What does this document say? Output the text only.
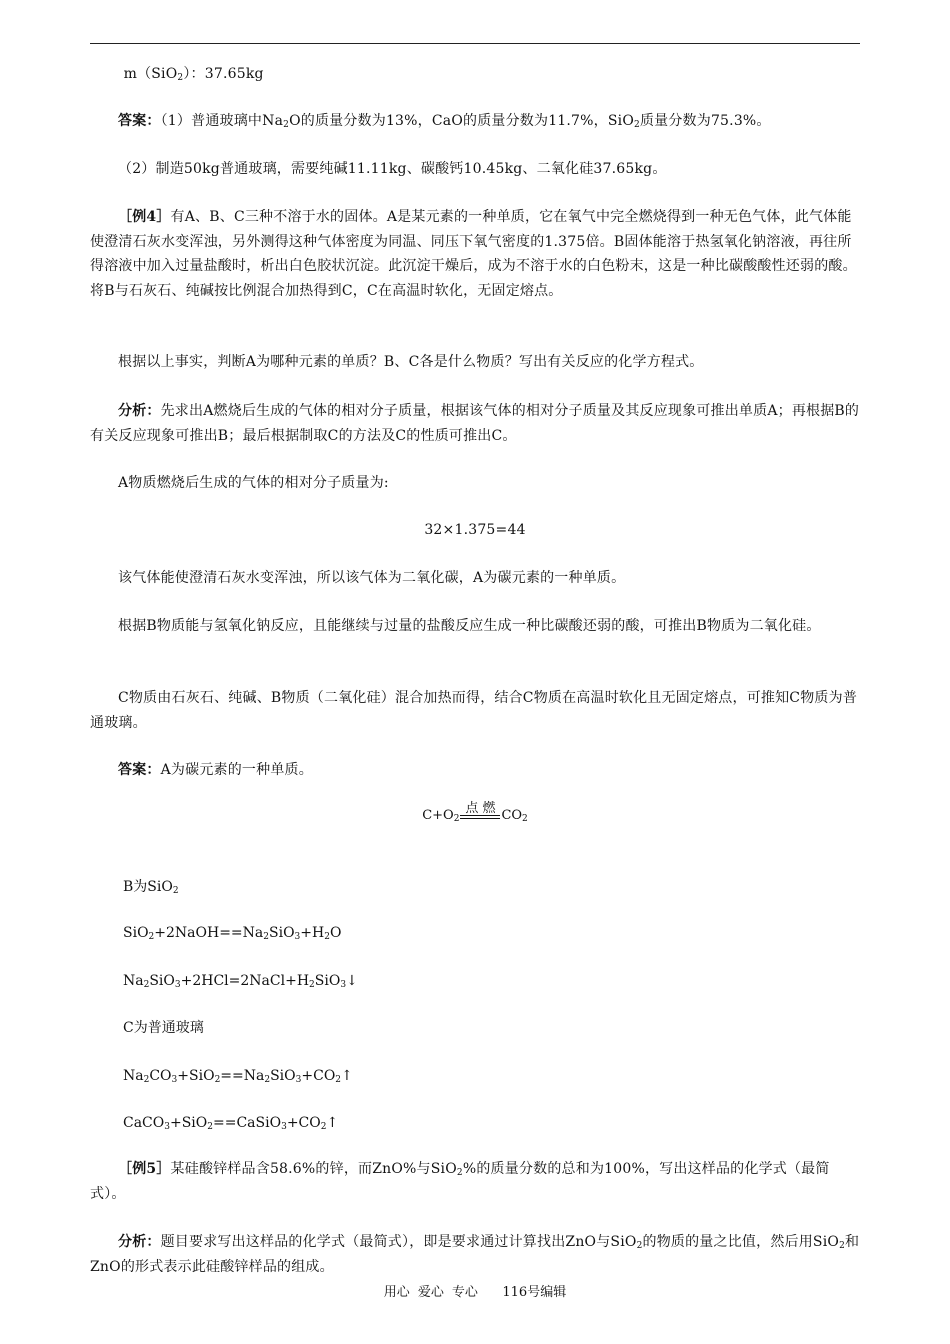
m（SiO$_2$）：37.65kg

答案：（1）普通玻璃中$Na_2O$的质量分数为13%，CaO的质量分数为11.7%，SiO$_2$质量分数为75.3%。

（2）制造50kg普通玻璃，需要纯碱11.11kg、碳酸钙10.45kg、二氧化硅37.65kg。

［例4］有A、B、C三种不溶于水的固体。A是某元素的一种单质，它在氧气中完全燃烧得到一种无色气体，此气体能使澄清石灰水变浑浊，另外测得这种气体密度为同温、同压下氧气密度的1.375倍。B固体能溶于热氢氧化钠溶液，再往所得溶液中加入过量盐酸时，析出白色胶状沉淀。此沉淀干燥后，成为不溶于水的白色粉末，这是一种比碳酸酸性还弱的酸。将B与石灰石、纯碱按比例混合加热得到C，C在高温时软化，无固定熔点。

根据以上事实，判断A为哪种元素的单质？B、C各是什么物质？写出有关反应的化学方程式。

分析：先求出A燃烧后生成的气体的相对分子质量，根据该气体的相对分子质量及其反应现象可推出单质A；再根据B的有关反应现象可推出B；最后根据制取C的方法及C的性质可推出C。

A物质燃烧后生成的气体的相对分子质量为:

32×1.375=44

该气体能使澄清石灰水变浑浊，所以该气体为二氧化碳，A为碳元素的一种单质。

根据B物质能与氢氧化钠反应，且能继续与过量的盐酸反应生成一种比碳酸还弱的酸，可推出B物质为二氧化硅。

C物质由石灰石、纯碱、B物质（二氧化硅）混合加热而得，结合C物质在高温时软化且无固定熔点，可推知C物质为普通玻璃。

答案：A为碳元素的一种单质。

$C+O_2$
点 燃 $CO_2$
B为SiO$_2$
$SiO_2+2NaOH==Na_2SiO_3+H_2O$
$Na_2SiO_3+2HCl=2NaCl+H_2SiO_3↓$
C为普通玻璃
$Na_2CO_3+SiO_2==Na_2SiO_3+CO_2↑$
$CaCO_3+SiO_2==CaSiO_3+CO_2↑$

［例5］某硅酸锌样品含58.6%的锌，而ZnO%与SiO$_2$%的质量分数的总和为100%，写出这样品的化学式（最简式）。

分析：题目要求写出这样品的化学式（最简式），即是要求通过计算找出ZnO与SiO$_2$的物质的量之比值，然后用SiO$_2$和ZnO的形式表示此硅酸锌样品的组成。

用心 爱心 专心 116号编辑
